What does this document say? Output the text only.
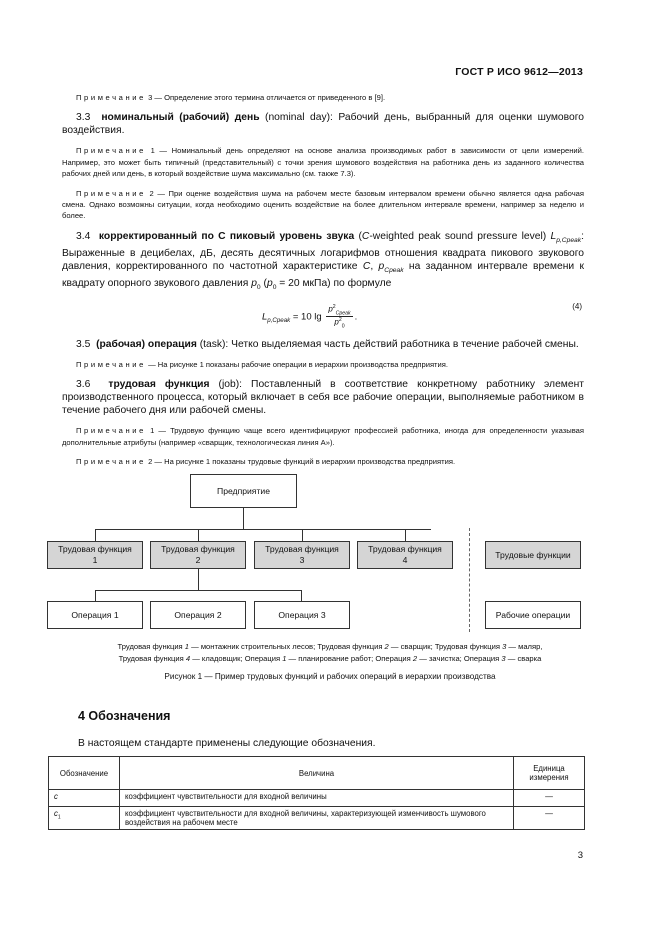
ГОСТ Р ИСО 9612—2013

Примечание 3 — Определение этого термина отличается от приведенного в [9].

3.3 номинальный (рабочий) день (nominal day): Рабочий день, выбранный для оценки шумового воздействия.

Примечание 1 — Номинальный день определяют на основе анализа производимых работ в зависимости от цели измерений. Например, это может быть типичный (представительный) с точки зрения шумового воздействия на работника день из заданного количества рабочих дней или день, в который воздействие шума максимально (см. также 7.3).

Примечание 2 — При оценке воздействия шума на рабочем месте базовым интервалом времени обычно является одна рабочая смена. Однако возможны ситуации, когда необходимо оценить воздействие на более длительном интервале времени, например за неделю и более.

3.4 корректированный по С пиковый уровень звука (C-weighted peak sound pressure level) $L_{p,Cpeak}$: Выраженные в децибелах, дБ, десять десятичных логарифмов отношения квадрата пикового звукового давления, корректированного по частотной характеристике C, $p_{Cpeak}$ на заданном интервале времени к квадрату опорного звукового давления $p_0$ ($p_0 = 20$ мкПа) по формуле

$L_{p,Cpeak} = 10$ $\lg \frac{p^2_{Cpeak}}{p^2_0}$ .
(4)

3.5 (рабочая) операция (task): Четко выделяемая часть действий работника в течение рабочей смены.

Примечание — На рисунке 1 показаны рабочие операции в иерархии производства предприятия.

3.6 трудовая функция (job): Поставленный в соответствие конкретному работнику элемент производственного процесса, который включает в себя все рабочие операции, выполняемые работником в течение рабочего дня или рабочей смены.

Примечание 1 — Трудовую функцию чаще всего идентифицируют профессией работника, иногда для определенности указывая дополнительные атрибуты (например «сварщик, технологическая линия А»).

Примечание 2 — На рисунке 1 показаны трудовые функций в иерархии производства предприятия.

Предприятие
Трудовая функция
1
Трудовая функция
2
Трудовая функция
3
Трудовая функция
4
Операция 1	Операция 2	Операция 3
Трудовые функции
Рабочие операции
Трудовая функция 1 — монтажник строительных лесов; Трудовая функция 2 — сварщик; Трудовая функция 3 — маляр,
Трудовая функция 4 — кладовщик; Операция 1 — планирование работ; Операция 2 — зачистка; Операция 3 — сварка
Рисунок 1 — Пример трудовых функций и рабочих операций в иерархии производства
4 Обозначения
В настоящем стандарте применены следующие обозначения.
Обозначение	Величина	Единица измерения
c	коэффициент чувствительности для входной величины	—
$c_1$	коэффициент чувствительности для входной величины, характеризующей изменчивость шумового воздействия на рабочем месте	—
3
